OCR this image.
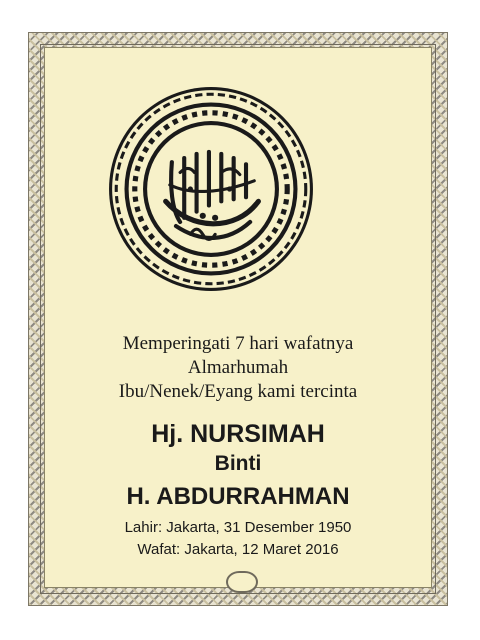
Memperingati 7 hari wafatnya
Almarhumah
Ibu/Nenek/Eyang kami tercinta
Hj. NURSIMAH
Binti
H. ABDURRAHMAN
Lahir: Jakarta, 31 Desember 1950
Wafat: Jakarta, 12 Maret 2016
